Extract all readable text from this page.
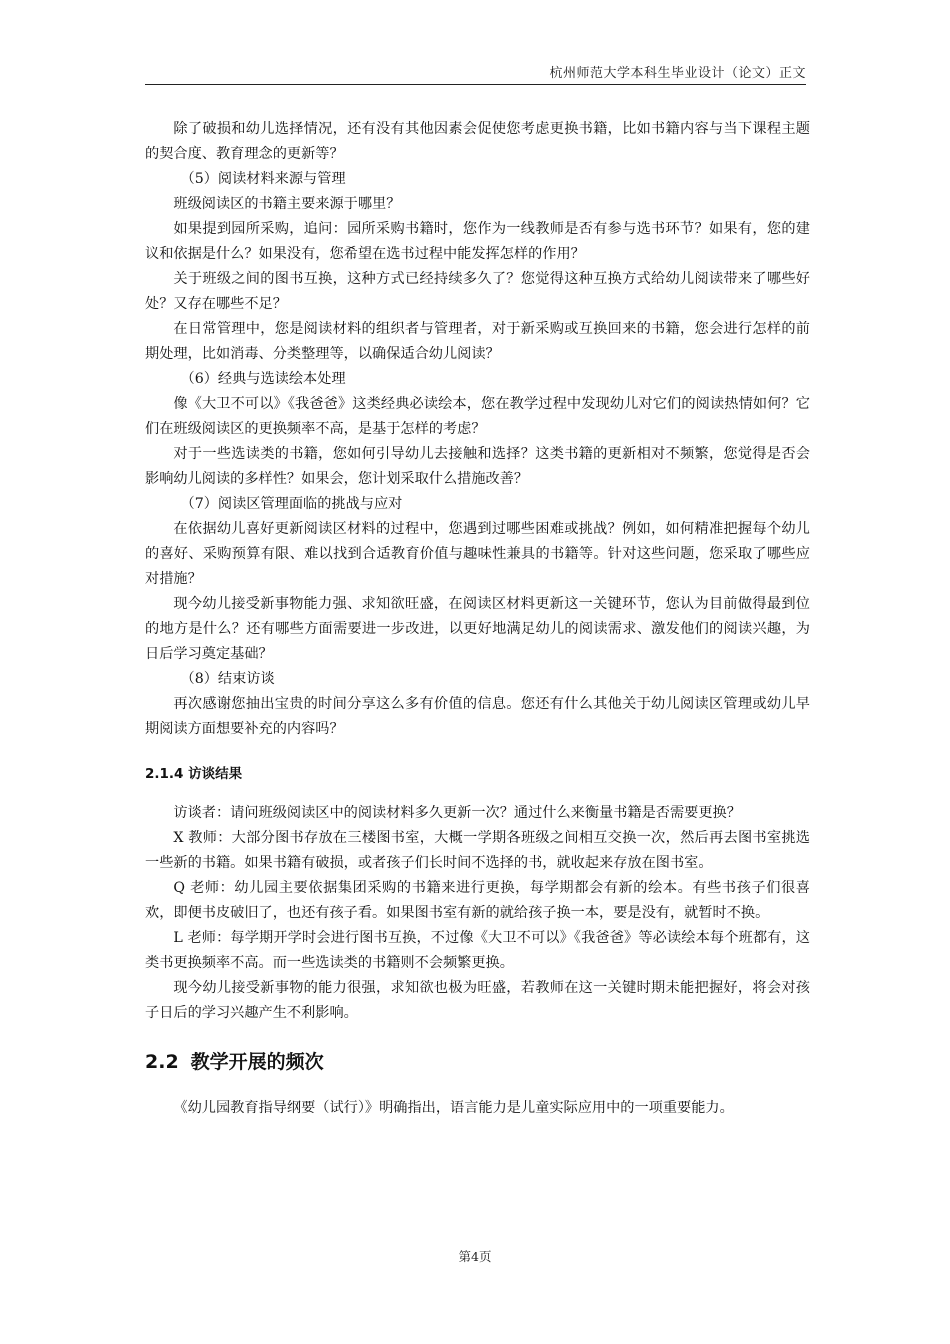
杭州师范大学本科生毕业设计（论文）正文

除了破损和幼儿选择情况，还有没有其他因素会促使您考虑更换书籍，比如书籍内容与当下课程主题的契合度、教育理念的更新等？

（5）阅读材料来源与管理

班级阅读区的书籍主要来源于哪里？

如果提到园所采购，追问：园所采购书籍时，您作为一线教师是否有参与选书环节？如果有，您的建议和依据是什么？如果没有，您希望在选书过程中能发挥怎样的作用？

关于班级之间的图书互换，这种方式已经持续多久了？您觉得这种互换方式给幼儿阅读带来了哪些好处？又存在哪些不足？

在日常管理中，您是阅读材料的组织者与管理者，对于新采购或互换回来的书籍，您会进行怎样的前期处理，比如消毒、分类整理等，以确保适合幼儿阅读？

（6）经典与选读绘本处理

像《大卫不可以》《我爸爸》这类经典必读绘本，您在教学过程中发现幼儿对它们的阅读热情如何？它们在班级阅读区的更换频率不高，是基于怎样的考虑？

对于一些选读类的书籍，您如何引导幼儿去接触和选择？这类书籍的更新相对不频繁，您觉得是否会影响幼儿阅读的多样性？如果会，您计划采取什么措施改善？

（7）阅读区管理面临的挑战与应对

在依据幼儿喜好更新阅读区材料的过程中，您遇到过哪些困难或挑战？例如，如何精准把握每个幼儿的喜好、采购预算有限、难以找到合适教育价值与趣味性兼具的书籍等。针对这些问题，您采取了哪些应对措施？

现今幼儿接受新事物能力强、求知欲旺盛，在阅读区材料更新这一关键环节，您认为目前做得最到位的地方是什么？还有哪些方面需要进一步改进，以更好地满足幼儿的阅读需求、激发他们的阅读兴趣，为日后学习奠定基础？

（8）结束访谈

再次感谢您抽出宝贵的时间分享这么多有价值的信息。您还有什么其他关于幼儿阅读区管理或幼儿早期阅读方面想要补充的内容吗？

2.1.4 访谈结果

访谈者：请问班级阅读区中的阅读材料多久更新一次？通过什么来衡量书籍是否需要更换？

X 教师：大部分图书存放在三楼图书室，大概一学期各班级之间相互交换一次，然后再去图书室挑选一些新的书籍。如果书籍有破损，或者孩子们长时间不选择的书，就收起来存放在图书室。

Q 老师：幼儿园主要依据集团采购的书籍来进行更换，每学期都会有新的绘本。有些书孩子们很喜欢，即便书皮破旧了，也还有孩子看。如果图书室有新的就给孩子换一本，要是没有，就暂时不换。

L 老师：每学期开学时会进行图书互换，不过像《大卫不可以》《我爸爸》等必读绘本每个班都有，这类书更换频率不高。而一些选读类的书籍则不会频繁更换。

现今幼儿接受新事物的能力很强，求知欲也极为旺盛，若教师在这一关键时期未能把握好，将会对孩子日后的学习兴趣产生不利影响。

2.2 教学开展的频次

《幼儿园教育指导纲要（试行）》明确指出，语言能力是儿童实际应用中的一项重要能力。

第4页
